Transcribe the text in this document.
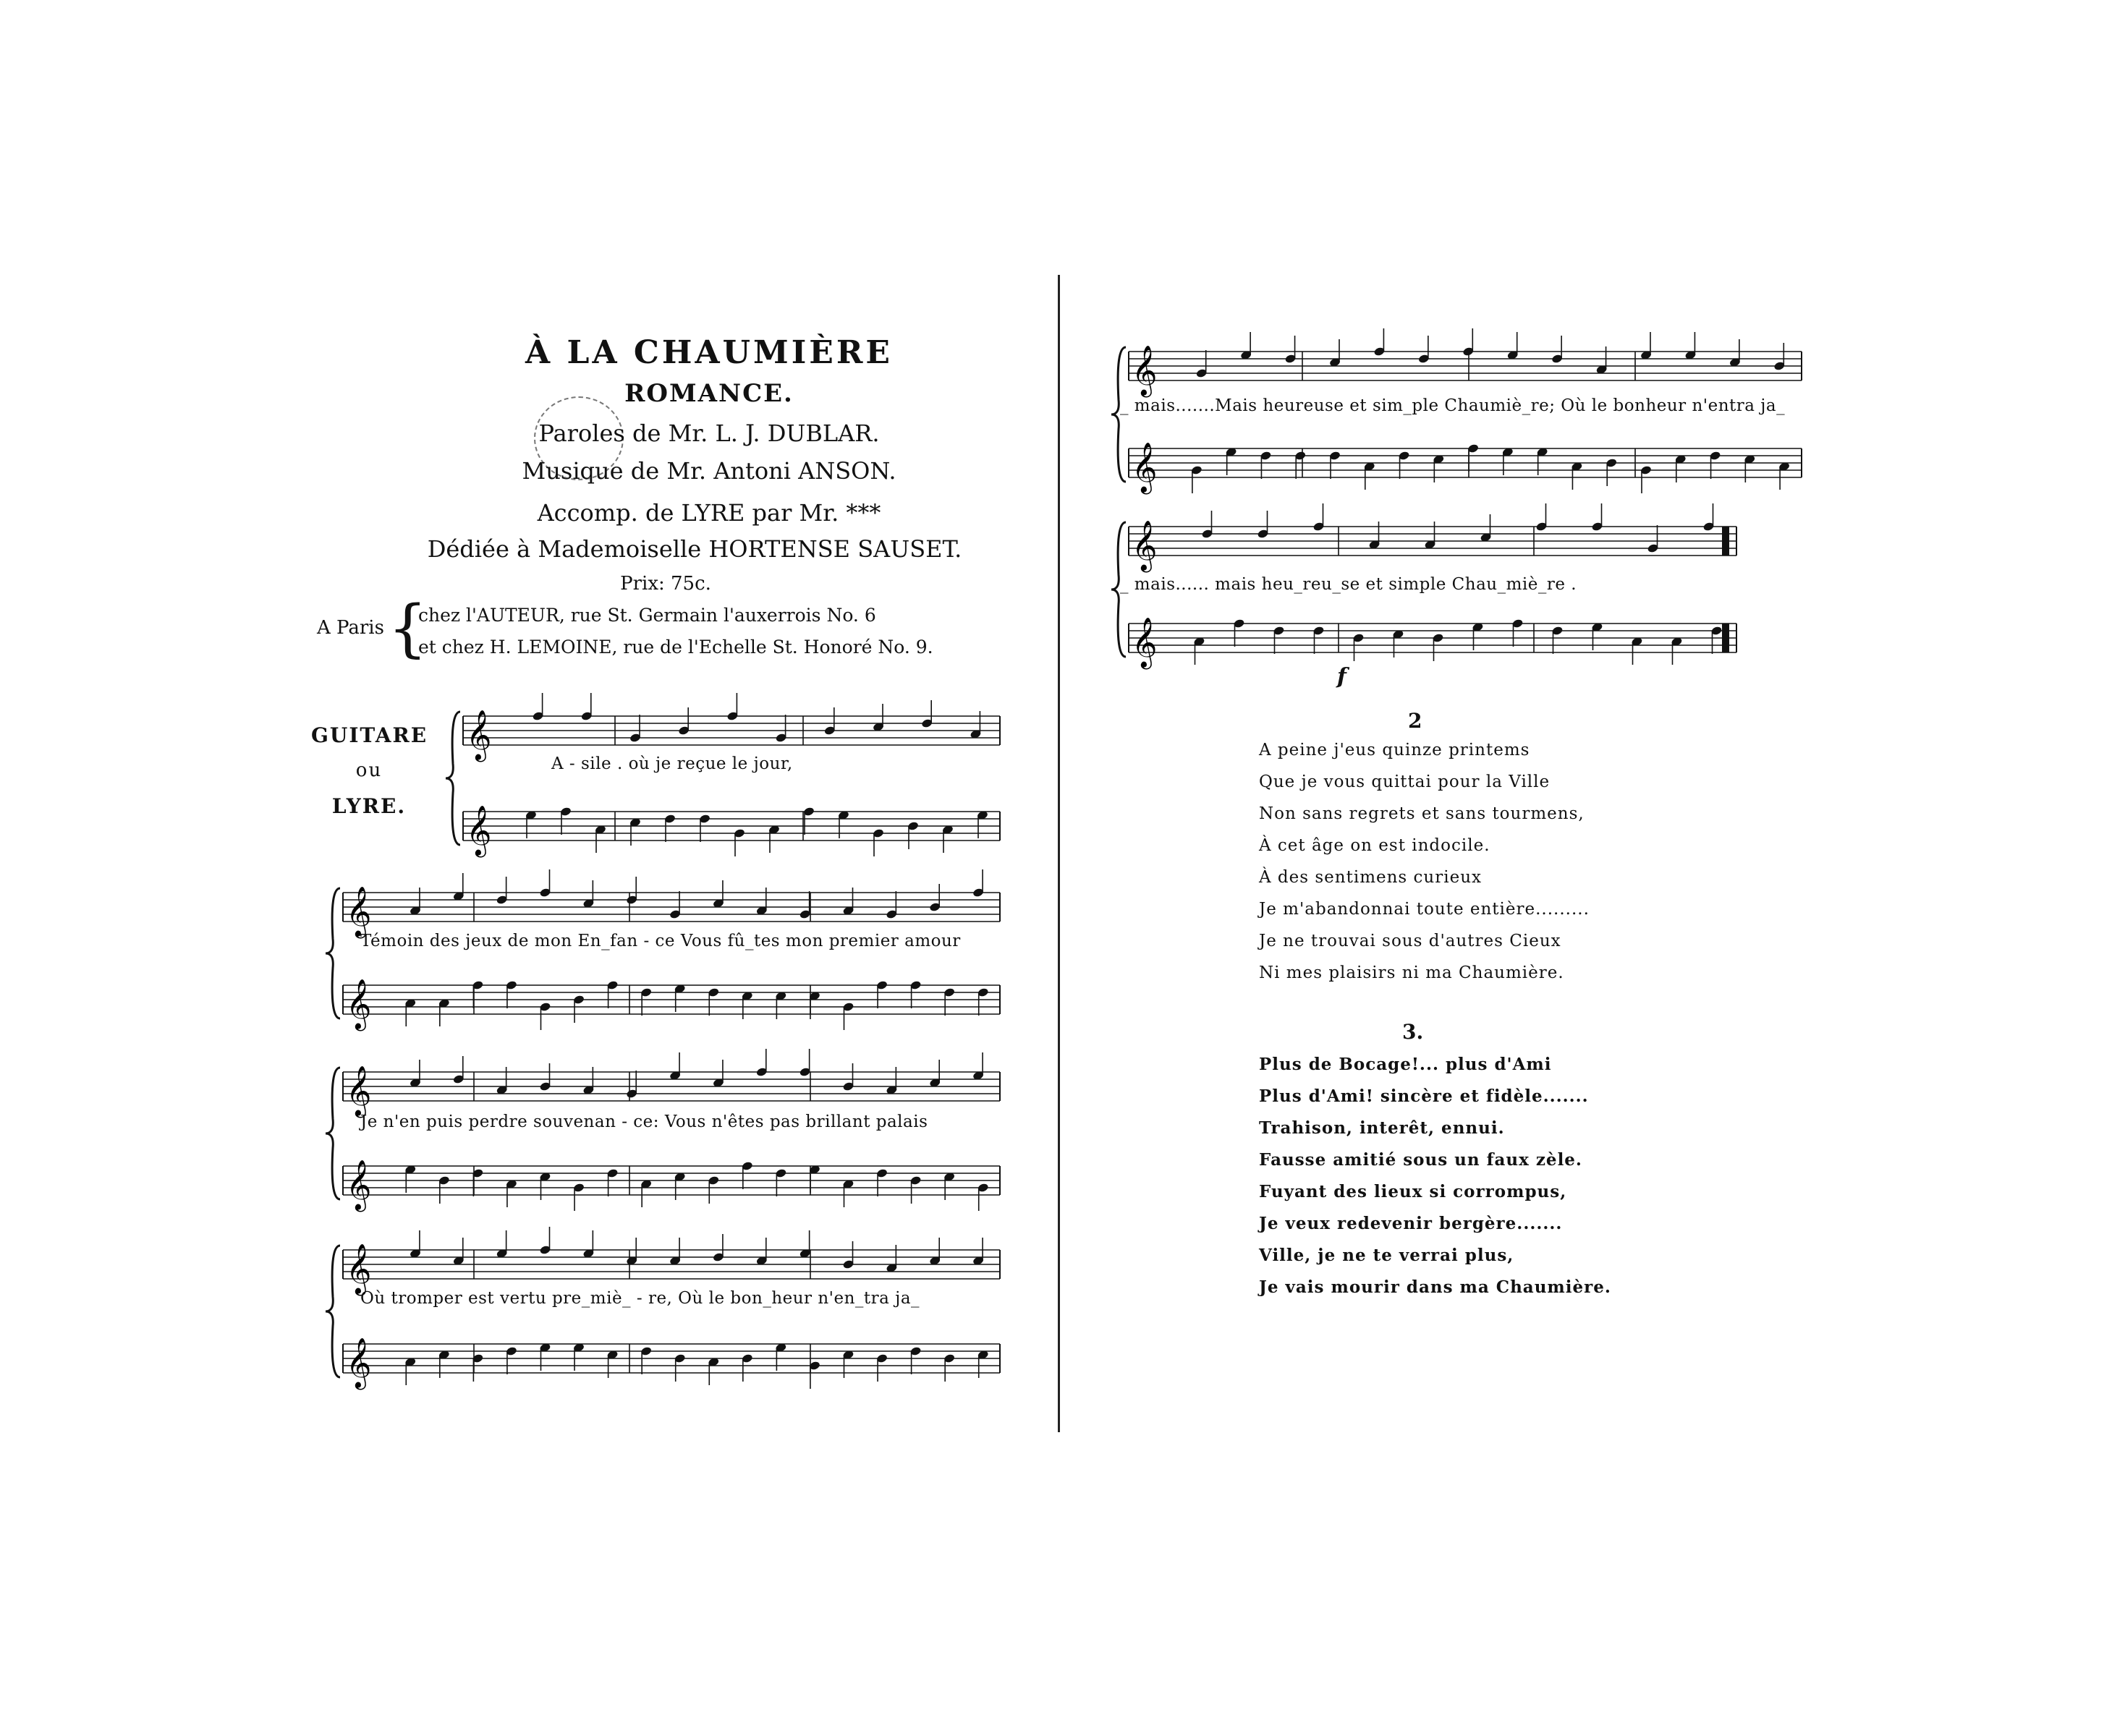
𝄞
𝄞
𝄞
𝄞
𝄞
𝄞
𝄞
𝄞
𝄞
𝄞
𝄞
𝄞

À LA CHAUMIÈRE
ROMANCE.
Paroles de Mr. L. J. DUBLAR.
Musique de Mr. Antoni ANSON.
Accomp. de LYRE par Mr. ***
Dédiée à Mademoiselle HORTENSE SAUSET.
Prix: 75c.
A Paris {
chez l'AUTEUR, rue St. Germain l'auxerrois No. 6
et chez H. LEMOINE, rue de l'Echelle St. Honoré No. 9.
GUITARE
ou
LYRE.
A - sile . où je reçue le jour,
Témoin des jeux de mon En_fan - ce Vous fû_tes mon premier amour
Je n'en puis perdre souvenan - ce: Vous n'êtes pas brillant palais
Où tromper est vertu pre_miè_ - re, Où le bon_heur n'en_tra ja_
_ mais.......Mais heureuse et sim_ple Chaumiè_re; Où le bonheur n'entra ja_
_ mais...... mais heu_reu_se et simple Chau_miè_re .
f
2
A peine j'eus quinze printems
Que je vous quittai pour la Ville
Non sans regrets et sans tourmens,
À cet âge on est indocile.
À des sentimens curieux
Je m'abandonnai toute entière.........
Je ne trouvai sous d'autres Cieux
Ni mes plaisirs ni ma Chaumière.
3.
Plus de Bocage!... plus d'Ami
Plus d'Ami! sincère et fidèle.......
Trahison, interêt, ennui.
Fausse amitié sous un faux zèle.
Fuyant des lieux si corrompus,
Je veux redevenir bergère.......
Ville, je ne te verrai plus,
Je vais mourir dans ma Chaumière.
